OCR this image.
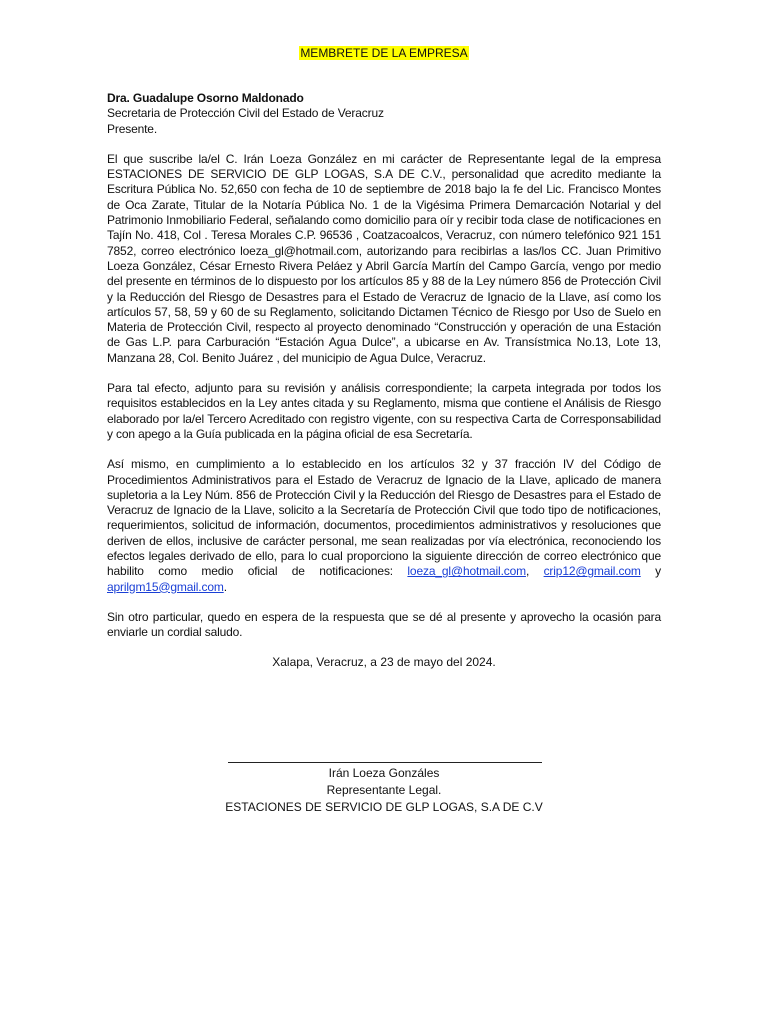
MEMBRETE DE LA EMPRESA

Dra. Guadalupe Osorno Maldonado

Secretaria de Protección Civil del Estado de Veracruz

Presente.

El que suscribe la/el C. Irán Loeza González en mi carácter de Representante legal de la empresa ESTACIONES DE SERVICIO DE GLP LOGAS, S.A DE C.V., personalidad que acredito mediante la Escritura Pública No. 52,650 con fecha de 10 de septiembre de 2018 bajo la fe del Lic. Francisco Montes de Oca Zarate, Titular de la Notaría Pública No. 1 de la Vigésima Primera Demarcación Notarial y del Patrimonio Inmobiliario Federal, señalando como domicilio para oír y recibir toda clase de notificaciones en Tajín No. 418, Col . Teresa Morales C.P. 96536 , Coatzacoalcos, Veracruz, con número telefónico 921 151 7852, correo electrónico loeza_gl@hotmail.com, autorizando para recibirlas a las/los CC. Juan Primitivo Loeza González, César Ernesto Rivera Peláez y Abril García Martín del Campo García, vengo por medio del presente en términos de lo dispuesto por los artículos 85 y 88 de la Ley número 856 de Protección Civil y la Reducción del Riesgo de Desastres para el Estado de Veracruz de Ignacio de la Llave, así como los artículos 57, 58, 59 y 60 de su Reglamento, solicitando Dictamen Técnico de Riesgo por Uso de Suelo en Materia de Protección Civil, respecto al proyecto denominado “Construcción y operación de una Estación de Gas L.P. para Carburación “Estación Agua Dulce”, a ubicarse en Av. Transístmica No.13, Lote 13, Manzana 28, Col. Benito Juárez , del municipio de Agua Dulce, Veracruz.

Para tal efecto, adjunto para su revisión y análisis correspondiente; la carpeta integrada por todos los requisitos establecidos en la Ley antes citada y su Reglamento, misma que contiene el Análisis de Riesgo elaborado por la/el Tercero Acreditado con registro vigente, con su respectiva Carta de Corresponsabilidad y con apego a la Guía publicada en la página oficial de esa Secretaría.

Así mismo, en cumplimiento a lo establecido en los artículos 32 y 37 fracción IV del Código de Procedimientos Administrativos para el Estado de Veracruz de Ignacio de la Llave, aplicado de manera supletoria a la Ley Núm. 856 de Protección Civil y la Reducción del Riesgo de Desastres para el Estado de Veracruz de Ignacio de la Llave, solicito a la Secretaría de Protección Civil que todo tipo de notificaciones, requerimientos, solicitud de información, documentos, procedimientos administrativos y resoluciones que deriven de ellos, inclusive de carácter personal, me sean realizadas por vía electrónica, reconociendo los efectos legales derivado de ello, para lo cual proporciono la siguiente dirección de correo electrónico que habilito como medio oficial de notificaciones: loeza_gl@hotmail.com, crip12@gmail.com y aprilgm15@gmail.com.

Sin otro particular, quedo en espera de la respuesta que se dé al presente y aprovecho la ocasión para enviarle un cordial saludo.

Xalapa, Veracruz, a 23 de mayo del 2024.
Irán Loeza Gonzáles
Representante Legal.
ESTACIONES DE SERVICIO DE GLP LOGAS, S.A DE C.V
